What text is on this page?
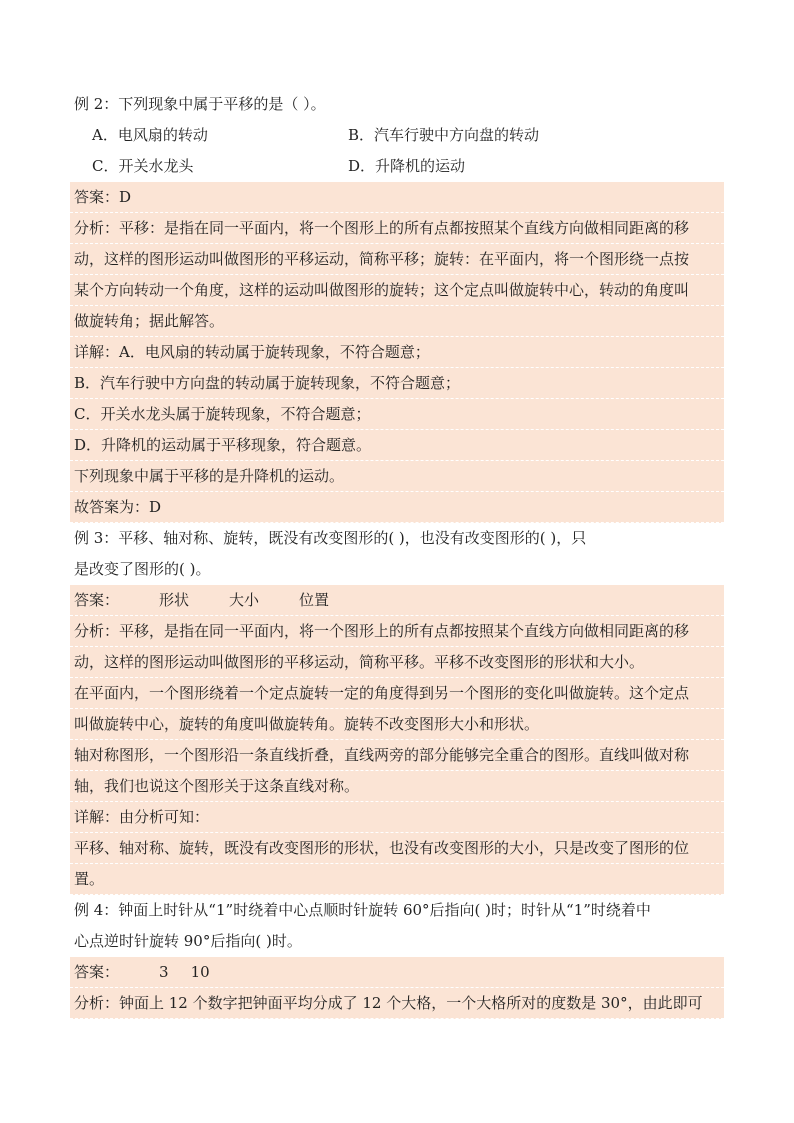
例 2：下列现象中属于平移的是（ ）。
A．电风扇的转动	B．汽车行驶中方向盘的转动
C．开关水龙头	D．升降机的运动
答案：D
分析：平移：是指在同一平面内，将一个图形上的所有点都按照某个直线方向做相同距离的移
动，这样的图形运动叫做图形的平移运动，简称平移；旋转：在平面内，将一个图形绕一点按
某个方向转动一个角度，这样的运动叫做图形的旋转；这个定点叫做旋转中心，转动的角度叫
做旋转角；据此解答。
详解：A．电风扇的转动属于旋转现象，不符合题意；
B．汽车行驶中方向盘的转动属于旋转现象，不符合题意；
C．开关水龙头属于旋转现象，不符合题意；
D．升降机的运动属于平移现象，符合题意。
下列现象中属于平移的是升降机的运动。
故答案为：D
例 3：平移、轴对称、旋转，既没有改变图形的( )，也没有改变图形的( )，只
是改变了图形的( )。
答案：	形状	大小	位置
分析：平移，是指在同一平面内，将一个图形上的所有点都按照某个直线方向做相同距离的移
动，这样的图形运动叫做图形的平移运动，简称平移。平移不改变图形的形状和大小。
在平面内，一个图形绕着一个定点旋转一定的角度得到另一个图形的变化叫做旋转。这个定点
叫做旋转中心，旋转的角度叫做旋转角。旋转不改变图形大小和形状。
轴对称图形，一个图形沿一条直线折叠，直线两旁的部分能够完全重合的图形。直线叫做对称
轴，我们也说这个图形关于这条直线对称。
详解：由分析可知：
平移、轴对称、旋转，既没有改变图形的形状，也没有改变图形的大小，只是改变了图形的位
置。
例 4：钟面上时针从“1”时绕着中心点顺时针旋转 60°后指向( )时；时针从“1”时绕着中
心点逆时针旋转 90°后指向( )时。
答案：	3 10
分析：钟面上 12 个数字把钟面平均分成了 12 个大格，一个大格所对的度数是 30°，由此即可
